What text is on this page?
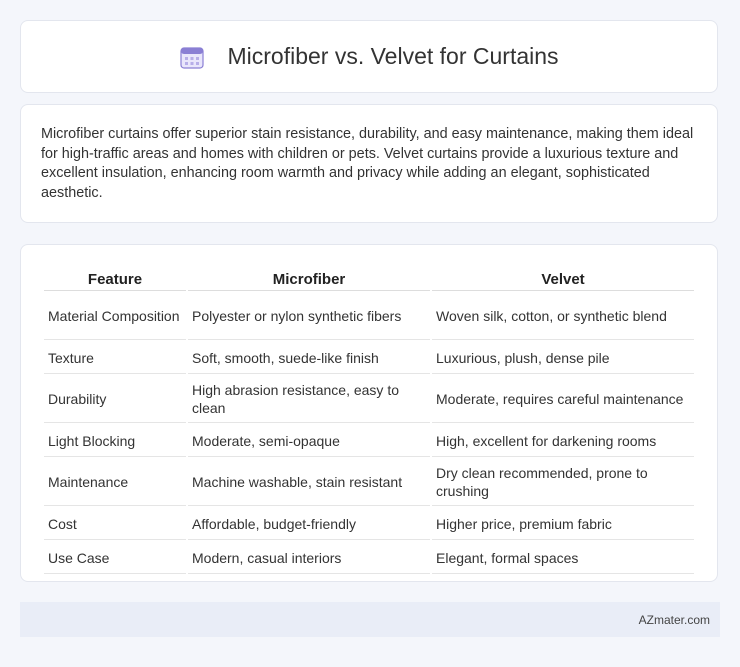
Microfiber vs. Velvet for Curtains

Microfiber curtains offer superior stain resistance, durability, and easy maintenance, making them ideal for high-traffic areas and homes with children or pets. Velvet curtains provide a luxurious texture and excellent insulation, enhancing room warmth and privacy while adding an elegant, sophisticated aesthetic.

Feature	Microfiber	Velvet
Material Composition	Polyester or nylon synthetic fibers	Woven silk, cotton, or synthetic blend
Texture	Soft, smooth, suede-like finish	Luxurious, plush, dense pile
Durability	High abrasion resistance, easy to clean	Moderate, requires careful maintenance
Light Blocking	Moderate, semi-opaque	High, excellent for darkening rooms
Maintenance	Machine washable, stain resistant	Dry clean recommended, prone to crushing
Cost	Affordable, budget-friendly	Higher price, premium fabric
Use Case	Modern, casual interiors	Elegant, formal spaces
AZmater.com
